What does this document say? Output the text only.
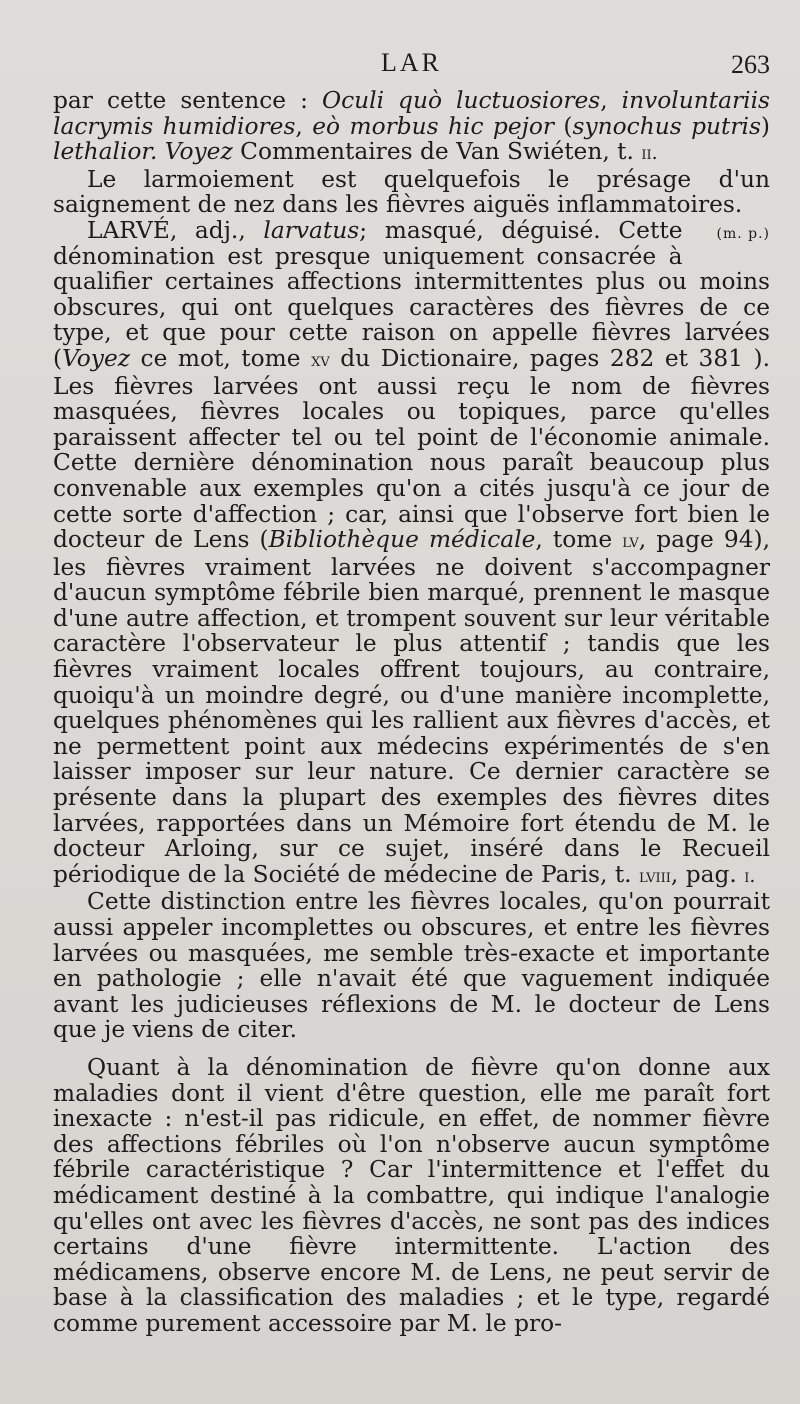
LAR	263

par cette sentence : Oculi quò luctuosiores, involuntariis lacrymis humidiores, eò morbus hic pejor (synochus putris) lethalior. Voyez Commentaires de Van Swiéten, t. ii.

Le larmoiement est quelquefois le présage d'un saignement de nez dans les fièvres aiguës inflammatoires.
(m. p.)

LARVÉ, adj., larvatus; masqué, déguisé. Cette dénomination est presque uniquement consacrée à qualifier certaines affections intermittentes plus ou moins obscures, qui ont quelques caractères des fièvres de ce type, et que pour cette raison on appelle fièvres larvées (Voyez ce mot, tome xv du Dictionaire, pages 282 et 381 ). Les fièvres larvées ont aussi reçu le nom de fièvres masquées, fièvres locales ou topiques, parce qu'elles paraissent affecter tel ou tel point de l'économie animale. Cette dernière dénomination nous paraît beaucoup plus convenable aux exemples qu'on a cités jusqu'à ce jour de cette sorte d'affection ; car, ainsi que l'observe fort bien le docteur de Lens (Bibliothèque médicale, tome lv, page 94), les fièvres vraiment larvées ne doivent s'accompagner d'aucun symptôme fébrile bien marqué, prennent le masque d'une autre affection, et trompent souvent sur leur véritable caractère l'observateur le plus attentif ; tandis que les fièvres vraiment locales offrent toujours, au contraire, quoiqu'à un moindre degré, ou d'une manière incomplette, quelques phénomènes qui les rallient aux fièvres d'accès, et ne permettent point aux médecins expérimentés de s'en laisser imposer sur leur nature. Ce dernier caractère se présente dans la plupart des exemples des fièvres dites larvées, rapportées dans un Mémoire fort étendu de M. le docteur Arloing, sur ce sujet, inséré dans le Recueil périodique de la Société de médecine de Paris, t. lviii, pag. i.

Cette distinction entre les fièvres locales, qu'on pourrait aussi appeler incomplettes ou obscures, et entre les fièvres larvées ou masquées, me semble très-exacte et importante en pathologie ; elle n'avait été que vaguement indiquée avant les judicieuses réflexions de M. le docteur de Lens que je viens de citer.

Quant à la dénomination de fièvre qu'on donne aux maladies dont il vient d'être question, elle me paraît fort inexacte : n'est-il pas ridicule, en effet, de nommer fièvre des affections fébriles où l'on n'observe aucun symptôme fébrile caractéristique ? Car l'intermittence et l'effet du médicament destiné à la combattre, qui indique l'analogie qu'elles ont avec les fièvres d'accès, ne sont pas des indices certains d'une fièvre intermittente. L'action des médicamens, observe encore M. de Lens, ne peut servir de base à la classification des maladies ; et le type, regardé comme purement accessoire par M. le pro-
